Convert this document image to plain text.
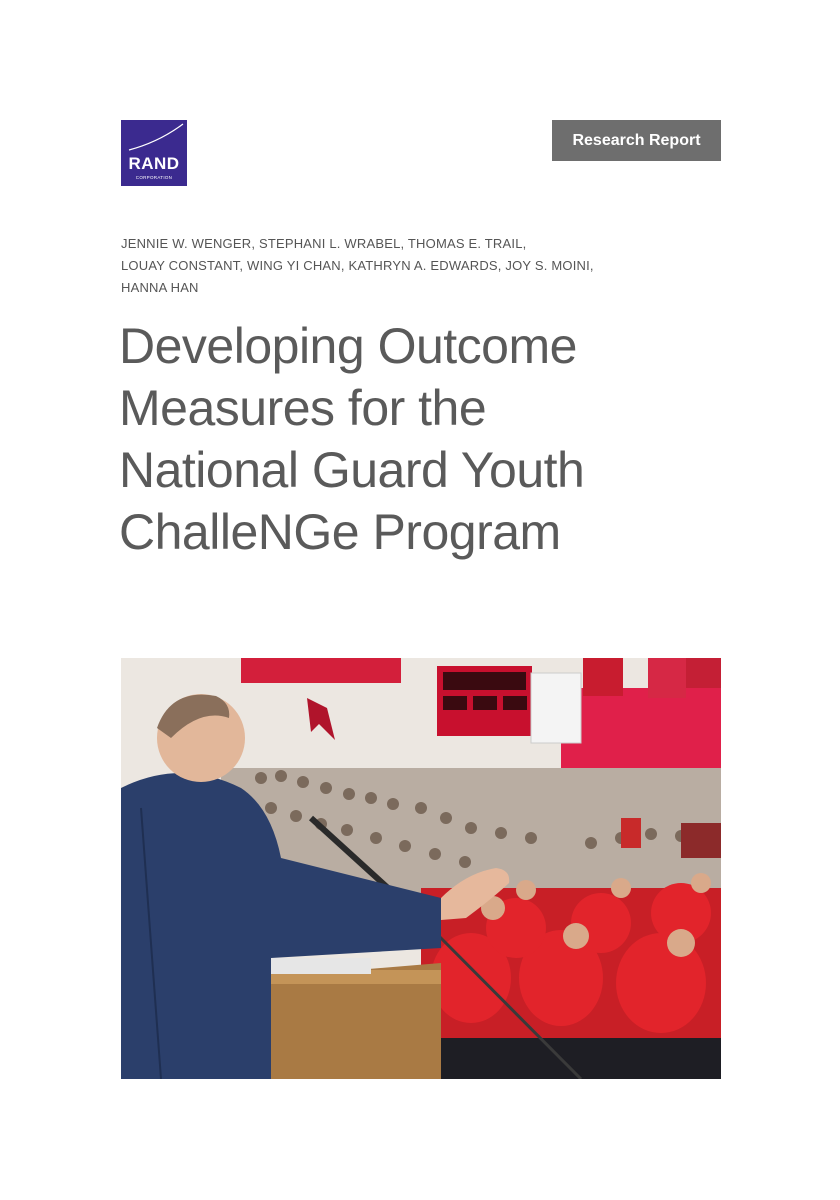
RAND
CORPORATION
Research Report
JENNIE W. WENGER, STEPHANI L. WRABEL, THOMAS E. TRAIL,
LOUAY CONSTANT, WING YI CHAN, KATHRYN A. EDWARDS, JOY S. MOINI,
HANNA HAN
Developing Outcome
Measures for the
National Guard Youth
ChalleNGe Program
